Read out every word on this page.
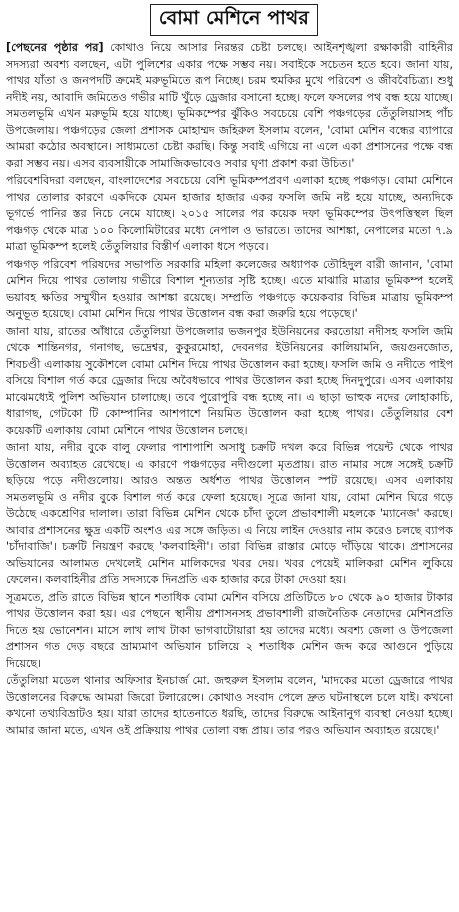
বোমা মেশিনে পাথর

[পেছনের পৃষ্ঠার পর] কোথাও নিয়ে আসার নিরন্তর চেষ্টা চলছে। আইনশৃঙ্খলা রক্ষাকারী বাহিনীর সদস্যরা অবশ্য বলছেন, এটা পুলিশের একার পক্ষে সম্ভব নয়। সবাইকে সচেতন হতে হবে। জানা যায়, পাথর যাঁতা ও জনপদটি ক্রমেই মরুভূমিতে রূপ নিচ্ছে। চরম হুমকির মুখে পরিবেশ ও জীববৈচিত্র্য। শুধু নদীই নয়, আবাদি জমিতেও গভীর মাটি খুঁড়ে ড্রেজার বসানো হচ্ছে। ফলে ফসলের পথ বন্ধ হয়ে যাচ্ছে। সমতলভূমি এখন মরুভূমি হয়ে যাচ্ছে। ভূমিকম্পের ঝুঁকিও সবচেয়ে বেশি পঞ্চগড়ের তেঁতুলিয়াসহ পাঁচ উপজেলায়। পঞ্চগড়ের জেলা প্রশাসক মোহাম্মদ জহিরুল ইসলাম বলেন, 'বোমা মেশিন বন্ধের ব্যাপারে আমরা কঠোর অবস্থানে। সাধ্যমতো চেষ্টা করছি। কিন্তু সবাই এগিয়ে না এলে একা প্রশাসনের পক্ষে বন্ধ করা সম্ভব নয়। এসব ব্যবসায়ীকে সামাজিকভাবেও সবার ঘৃণা প্রকাশ করা উচিত।'

পরিবেশবিদরা বলছেন, বাংলাদেশের সবচেয়ে বেশি ভূমিকম্পপ্রবণ এলাকা হচ্ছে পঞ্চগড়। বোমা মেশিনে পাথর তোলার কারণে একদিকে যেমন হাজার হাজার একর ফসলি জমি নষ্ট হয়ে যাচ্ছে, অন্যদিকে ভূগর্ভে পানির স্তর নিচে নেমে যাচ্ছে। ২০১৫ সালের পর কয়েক দফা ভূমিকম্পের উৎপত্তিস্থল ছিল পঞ্চগড় থেকে মাত্র ১০০ কিলোমিটারের মধ্যে নেপাল ও ভারতে। তাদের আশঙ্কা, নেপালের মতো ৭.৯ মাত্রা ভূমিকম্প হলেই তেঁতুলিয়ার বিস্তীর্ণ এলাকা ধসে পড়বে।

পঞ্চগড় পরিবেশ পরিষদের সভাপতি সরকারি মহিলা কলেজের অধ্যাপক তৌহিদুল বারী জানান, 'বোমা মেশিন দিয়ে পাথর তোলায় গভীরে বিশাল শূন্যতার সৃষ্টি হচ্ছে। এতে মাঝারি মাত্রার ভূমিকম্প হলেই ভয়াবহ ক্ষতির সম্মুখীন হওয়ার আশঙ্কা রয়েছে। সম্প্রতি পঞ্চগড়ে কয়েকবার বিভিন্ন মাত্রায় ভূমিকম্প অনুভূত হয়েছে। বোমা মেশিন দিয়ে পাথর উত্তোলন বন্ধ করা জরুরি হয়ে পড়েছে।'

জানা যায়, রাতের আঁধারে তেঁতুলিয়া উপজেলার ভজনপুর ইউনিয়নের করতোয়া নদীসহ ফসলি জমি থেকে শান্তিনগর, গনাগছ, ভদ্রেশ্বর, কুকুরমোহা, দেবনগর ইউনিয়নের কালিয়ামনি, জয়গুনজোত, শিবচণ্ডী এলাকায় সুকৌশলে বোমা মেশিন দিয়ে পাথর উত্তোলন করা হচ্ছে। ফসলি জমি ও নদীতে পাইপ বসিয়ে বিশাল গর্ত করে ড্রেজার দিয়ে অবৈধভাবে পাথর উত্তোলন করা হচ্ছে দিনদুপুরে। এসব এলাকায় মাঝেমধ্যেই পুলিশ অভিযান চালাচ্ছে। তবে পুরোপুরি বন্ধ হচ্ছে না। এ ছাড়া ভাহুক নদের লোহাকাচি, ধারাগছ, গেটকো টি কোম্পানির আশপাশে নিয়মিত উত্তোলন করা হচ্ছে পাথর। তেঁতুলিয়ার বেশ কয়েকটি এলাকায় বোমা মেশিনে পাথর উত্তোলন চলছে।

জানা যায়, নদীর বুকে বালু ফেলার পাশাপাশি অসাধু চক্রটি দখল করে বিভিন্ন পয়েন্ট থেকে পাথর উত্তোলন অব্যাহত রেখেছে। এ কারণে পঞ্চগড়ের নদীগুলো মৃতপ্রায়। রাত নামার সঙ্গে সঙ্গেই চক্রটি ছড়িয়ে পড়ে নদীগুলোয়। আরও অন্তত অর্ধশত পাথর উত্তোলন স্পট রয়েছে। এসব এলাকায় সমতলভূমি ও নদীর বুকে বিশাল গর্ত করে ফেলা হয়েছে। সূত্রে জানা যায়, বোমা মেশিন ঘিরে গড়ে উঠেছে একশ্রেণির দালাল। তারা বিভিন্ন মেশিন থেকে চাঁদা তুলে প্রভাবশালী মহলকে 'ম্যানেজ' করছে। আবার প্রশাসনের ক্ষুদ্র একটি অংশও এর সঙ্গে জড়িত। এ নিয়ে লাইন দেওয়ার নাম করেও চলছে ব্যাপক 'চাঁদাবাজি'। চক্রটি নিয়ন্ত্রণ করছে 'কলবাহিনী'। তারা বিভিন্ন রাস্তার মোড়ে দাঁড়িয়ে থাকে। প্রশাসনের অভিযানের আলামত দেখলেই মেশিন মালিকদের খবর দেয়। খবর পেয়েই মালিকরা মেশিন লুকিয়ে ফেলেন। কলবাহিনীর প্রতি সদস্যকে দিনপ্রতি এক হাজার করে টাকা দেওয়া হয়।

সূত্রমতে, প্রতি রাতে বিভিন্ন স্থানে শতাধিক বোমা মেশিন বসিয়ে প্রতিটিতে ৮০ থেকে ৯০ হাজার টাকার পাথর উত্তোলন করা হয়। এর পেছনে স্থানীয় প্রশাসনসহ প্রভাবশালী রাজনৈতিক নেতাদের মেশিনপ্রতি দিতে হয় ভোনেশন। মাসে লাখ লাখ টাকা ভাগবাটোয়ারা হয় তাদের মধ্যে। অবশ্য জেলা ও উপজেলা প্রশাসন গত দেড় বছরে ভ্রাম্যমাণ অভিযান চালিয়ে ২ শতাধিক মেশিন জব্দ করে আগুনে পুড়িয়ে দিয়েছে।

তেঁতুলিয়া মডেল থানার অফিসার ইনচার্জ মো. জহুরুল ইসলাম বলেন, 'মাদকের মতো ড্রেজারে পাথর উত্তোলনের বিরুদ্ধে আমরা জিরো টলারেন্সে। কোথাও সংবাদ পেলে দ্রুত ঘটনাস্থলে চলে যাই। কখনো কখনো তথ্যবিভ্রাটও হয়। যারা তাদের হাতেনাতে ধরছি, তাদের বিরুদ্ধে আইনানুগ ব্যবস্থা নেওয়া হচ্ছে। আমার জানা মতে, এখন ওই প্রক্রিয়ায় পাথর তোলা বন্ধ প্রায়। তার পরও অভিযান অব্যাহত রয়েছে।'
